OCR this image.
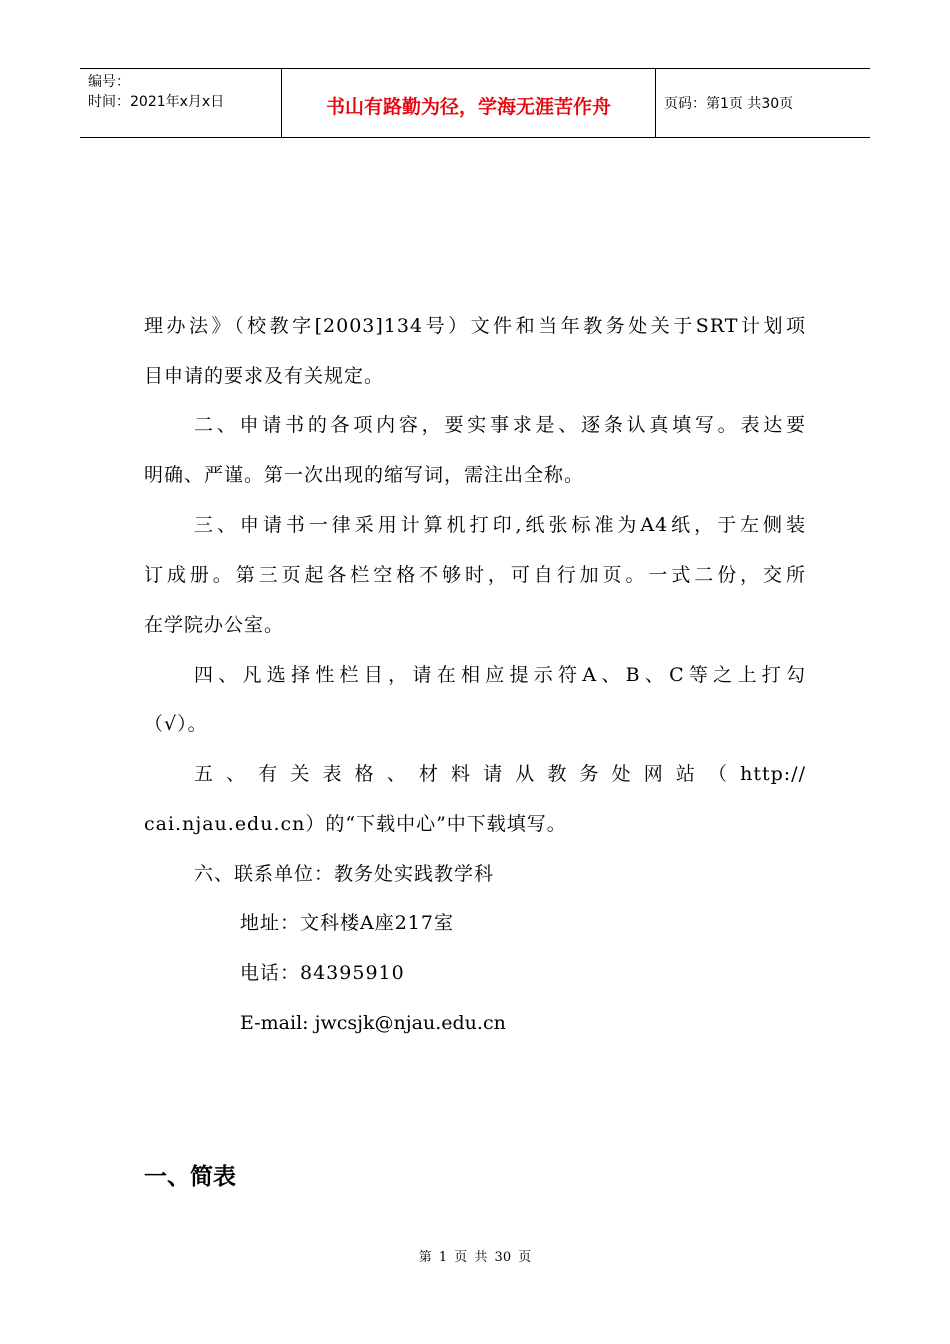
编号：
时间：2021年x月x日	书山有路勤为径，学海无涯苦作舟	页码：第1页 共30页
理办法》（校教字[2003]134号）文件和当年教务处关于SRT计划项
目申请的要求及有关规定。
二、申请书的各项内容，要实事求是、逐条认真填写。表达要
明确、严谨。第一次出现的缩写词，需注出全称。
三、申请书一律采用计算机打印,纸张标准为A4纸，于左侧装
订成册。第三页起各栏空格不够时，可自行加页。一式二份，交所
在学院办公室。
四、凡选择性栏目，请在相应提示符A、B、C等之上打勾
（√）。
五、有关表格、材料请从教务处网站（http://
cai.njau.edu.cn）的“下载中心”中下载填写。
六、联系单位：教务处实践教学科
地址：文科楼A座217室
电话：84395910
E-mail: jwcsjk@njau.edu.cn
一、简表
第 1 页 共 30 页
